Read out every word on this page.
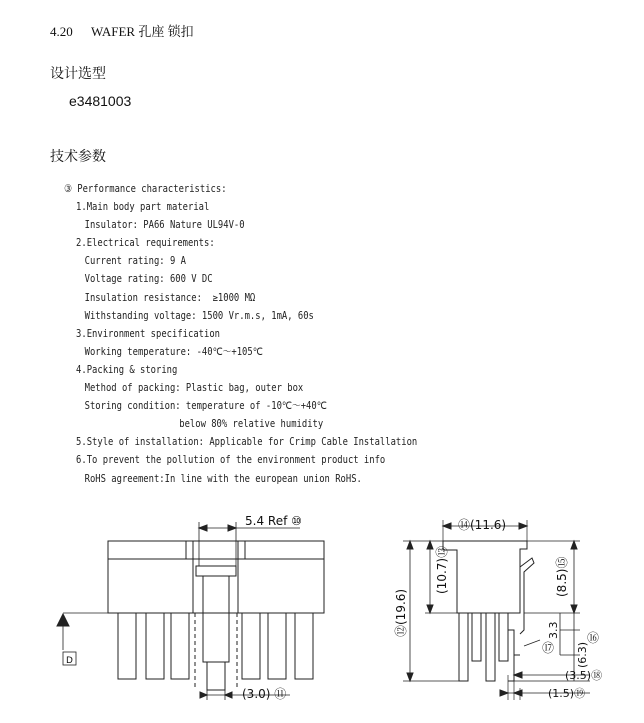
4.20 WAFER 孔座 锁扣
设计选型
e3481003
技术参数
③ Performance characteristics:
1.Main body part material
Insulator: PA66 Nature UL94V-0
2.Electrical requirements:
Current rating: 9 A
Voltage rating: 600 V DC
Insulation resistance:  ≥1000 MΩ
Withstanding voltage: 1500 Vr.m.s, 1mA, 60s
3.Environment specification
Working temperature: -40℃～+105℃
4.Packing & storing
Method of packing: Plastic bag, outer box
Storing condition: temperature of -10℃～+40℃
below 80% relative humidity
5.Style of installation: Applicable for Crimp Cable Installation
6.To prevent the pollution of the environment product info
RoHS agreement:In line with the european union RoHS.
5.4 Ref ⑩
(3.0) ⑪
D
⑭(11.6)
⑫(19.6)
(10.7)⑬	(8.5)⑮
3.3
(6.3)
⑯
⑰
(3.5)⑱
(1.5)⑲
